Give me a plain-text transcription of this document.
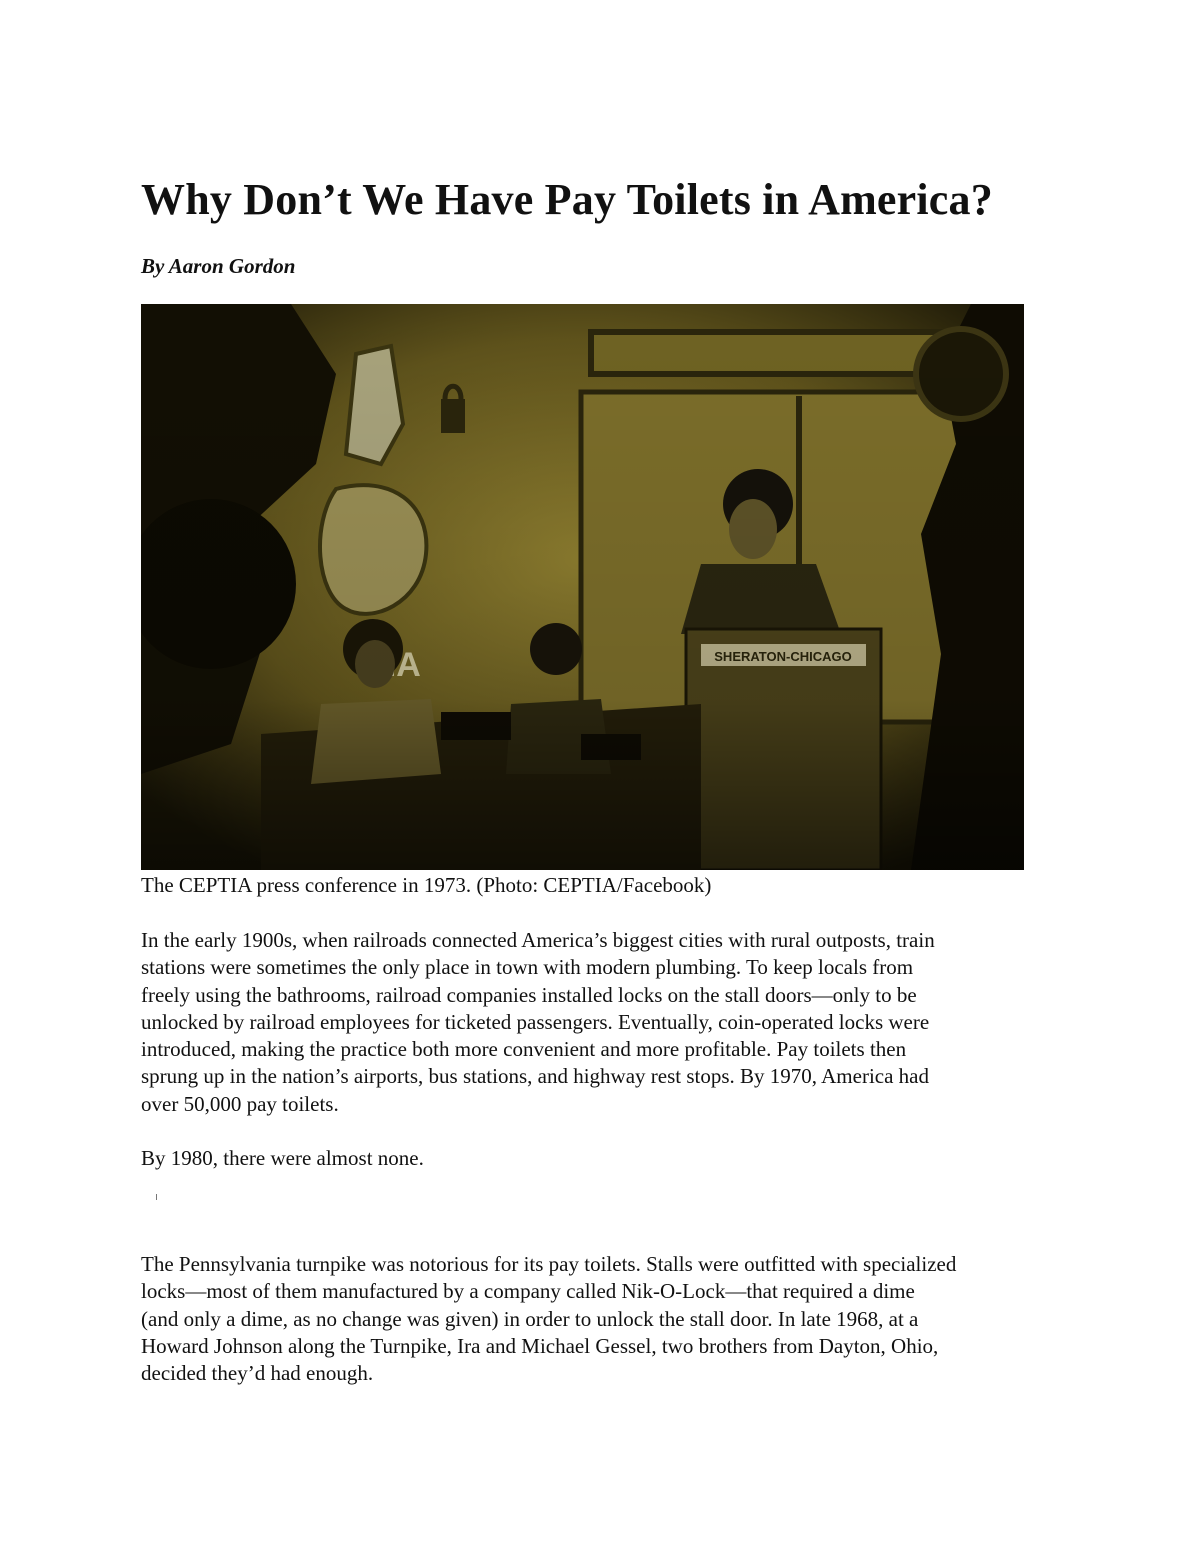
Why Don’t We Have Pay Toilets in America?

By Aaron Gordon

The CEPTIA press conference in 1973. (Photo: CEPTIA/Facebook)

In the early 1900s, when railroads connected America’s biggest cities with rural outposts, train
stations were sometimes the only place in town with modern plumbing. To keep locals from
freely using the bathrooms, railroad companies installed locks on the stall doors—only to be
unlocked by railroad employees for ticketed passengers. Eventually, coin-operated locks were
introduced, making the practice both more convenient and more profitable. Pay toilets then
sprung up in the nation’s airports, bus stations, and highway rest stops. By 1970, America had
over 50,000 pay toilets.

By 1980, there were almost none.

The Pennsylvania turnpike was notorious for its pay toilets. Stalls were outfitted with specialized
locks—most of them manufactured by a company called Nik-O-Lock—that required a dime
(and only a dime, as no change was given) in order to unlock the stall door. In late 1968, at a
Howard Johnson along the Turnpike, Ira and Michael Gessel, two brothers from Dayton, Ohio,
decided they’d had enough.
